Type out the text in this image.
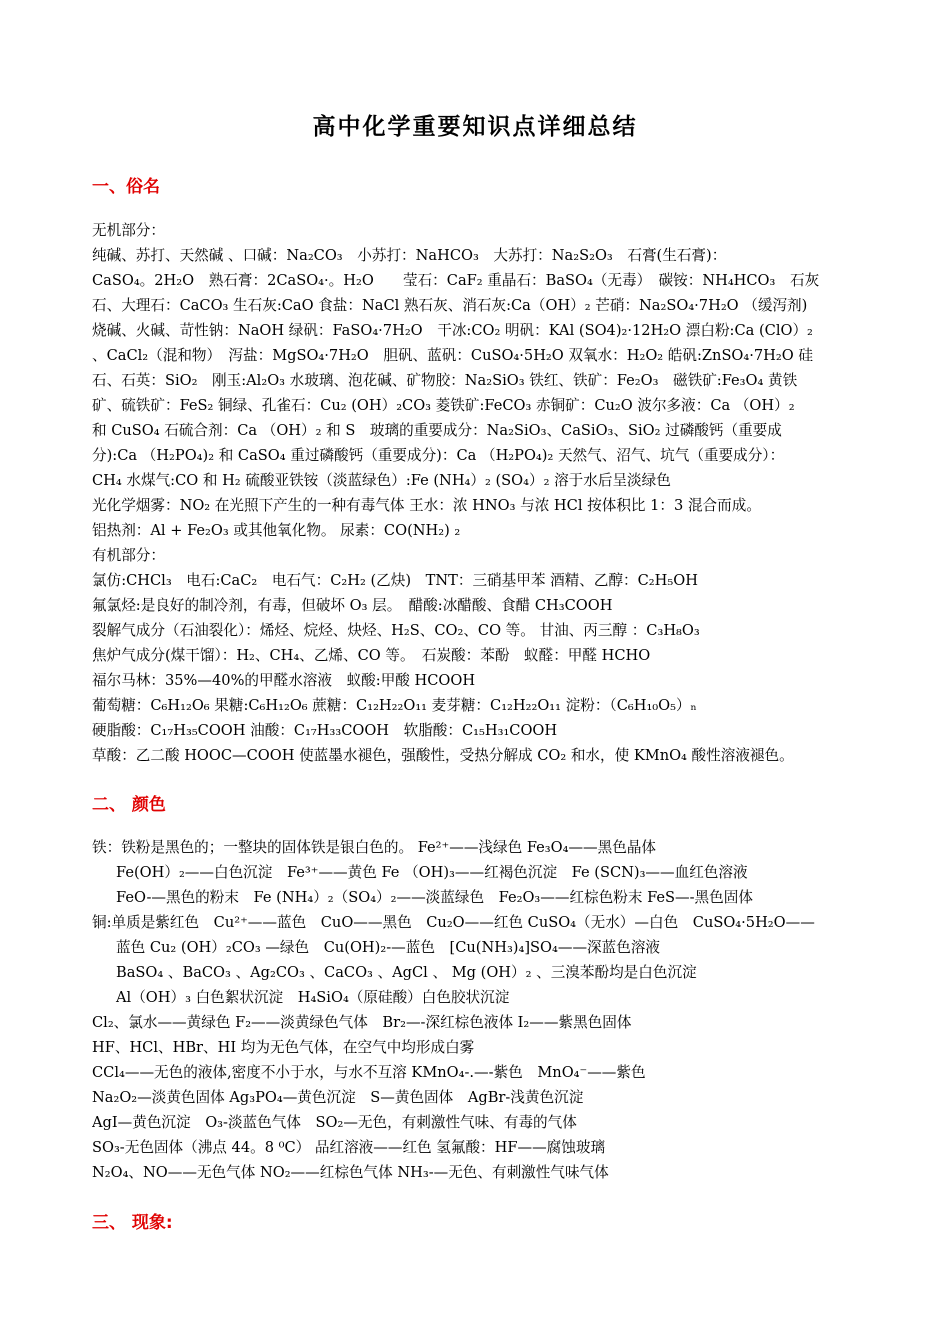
高中化学重要知识点详细总结
一、俗名

无机部分：

纯碱、苏打、天然碱 、口碱：Na₂CO₃　小苏打：NaHCO₃　大苏打：Na₂S₂O₃　石膏(生石膏)：

CaSO₄。2H₂O　熟石膏：2CaSO₄·。H₂O　　莹石：CaF₂ 重晶石：BaSO₄（无毒）　碳铵：NH₄HCO₃　石灰

石、大理石：CaCO₃ 生石灰:CaO 食盐：NaCl 熟石灰、消石灰:Ca（OH）₂ 芒硝：Na₂SO₄·7H₂O （缓泻剂)

烧碱、火碱、苛性钠：NaOH 绿矾：FaSO₄·7H₂O　干冰:CO₂ 明矾：KAl (SO4)₂·12H₂O 漂白粉:Ca (ClO）₂

、CaCl₂（混和物）　泻盐：MgSO₄·7H₂O　胆矾、蓝矾：CuSO₄·5H₂O 双氧水：H₂O₂ 皓矾:ZnSO₄·7H₂O 硅

石、石英：SiO₂　刚玉:Al₂O₃ 水玻璃、泡花碱、矿物胶：Na₂SiO₃ 铁红、铁矿：Fe₂O₃　磁铁矿:Fe₃O₄ 黄铁

矿、硫铁矿：FeS₂ 铜绿、孔雀石：Cu₂ (OH）₂CO₃ 菱铁矿:FeCO₃ 赤铜矿：Cu₂O 波尔多液：Ca （OH）₂

和 CuSO₄ 石硫合剂：Ca （OH）₂ 和 S　玻璃的重要成分：Na₂SiO₃、CaSiO₃、SiO₂ 过磷酸钙（重要成

分):Ca （H₂PO₄)₂ 和 CaSO₄ 重过磷酸钙（重要成分)：Ca （H₂PO₄)₂ 天然气、沼气、坑气（重要成分）：

CH₄ 水煤气:CO 和 H₂ 硫酸亚铁铵（淡蓝绿色）:Fe (NH₄）₂ (SO₄）₂ 溶于水后呈淡绿色

光化学烟雾：NO₂ 在光照下产生的一种有毒气体 王水：浓 HNO₃ 与浓 HCl 按体积比 1：3 混合而成。

铝热剂：Al + Fe₂O₃ 或其他氧化物。 尿素：CO(NH₂) ₂

有机部分：

氯仿:CHCl₃　电石:CaC₂　电石气：C₂H₂ (乙炔)　TNT：三硝基甲苯 酒精、乙醇：C₂H₅OH

氟氯烃:是良好的制冷剂，有毒，但破坏 O₃ 层。　醋酸:冰醋酸、食醋 CH₃COOH

裂解气成分（石油裂化）：烯烃、烷烃、炔烃、H₂S、CO₂、CO 等。 甘油、丙三醇 ：C₃H₈O₃

焦炉气成分(煤干馏）：H₂、CH₄、乙烯、CO 等。　石炭酸：苯酚　蚁醛：甲醛 HCHO

福尔马林：35%—40%的甲醛水溶液　蚁酸:甲酸 HCOOH

葡萄糖：C₆H₁₂O₆ 果糖:C₆H₁₂O₆ 蔗糖：C₁₂H₂₂O₁₁ 麦芽糖：C₁₂H₂₂O₁₁ 淀粉：（C₆H₁₀O₅）ₙ

硬脂酸：C₁₇H₃₅COOH 油酸：C₁₇H₃₃COOH　软脂酸：C₁₅H₃₁COOH

草酸：乙二酸 HOOC—COOH 使蓝墨水褪色，强酸性，受热分解成 CO₂ 和水，使 KMnO₄ 酸性溶液褪色。

二、 颜色

铁：铁粉是黑色的；一整块的固体铁是银白色的。 Fe²⁺——浅绿色 Fe₃O₄——黑色晶体

Fe(OH）₂——白色沉淀　Fe³⁺——黄色 Fe （OH)₃——红褐色沉淀　Fe (SCN)₃——血红色溶液

FeO-—黑色的粉末　Fe (NH₄）₂（SO₄）₂——淡蓝绿色　Fe₂O₃——红棕色粉末 FeS—-黑色固体

铜:单质是紫红色　Cu²⁺——蓝色　CuO——黑色　Cu₂O——红色 CuSO₄（无水）—白色　CuSO₄·5H₂O——

蓝色 Cu₂ (OH）₂CO₃ —绿色　Cu(OH)₂-—蓝色　[Cu(NH₃)₄]SO₄——深蓝色溶液

BaSO₄ 、BaCO₃ 、Ag₂CO₃ 、CaCO₃ 、AgCl 、 Mg (OH）₂ 、三溴苯酚均是白色沉淀

Al（OH）₃ 白色絮状沉淀　H₄SiO₄（原硅酸）白色胶状沉淀

Cl₂、氯水——黄绿色 F₂——淡黄绿色气体　Br₂—-深红棕色液体 I₂——紫黑色固体

HF、HCl、HBr、HI 均为无色气体，在空气中均形成白雾

CCl₄——无色的液体,密度不小于水，与水不互溶 KMnO₄-.—-紫色　MnO₄⁻——紫色

Na₂O₂—淡黄色固体 Ag₃PO₄—黄色沉淀　S—黄色固体　AgBr-浅黄色沉淀

AgI—黄色沉淀　O₃-淡蓝色气体　SO₂—无色，有刺激性气味、有毒的气体

SO₃-无色固体（沸点 44。8 ⁰C） 品红溶液——红色 氢氟酸：HF——腐蚀玻璃

N₂O₄、NO——无色气体 NO₂——红棕色气体 NH₃-—无色、有刺激性气味气体

三、 现象:
